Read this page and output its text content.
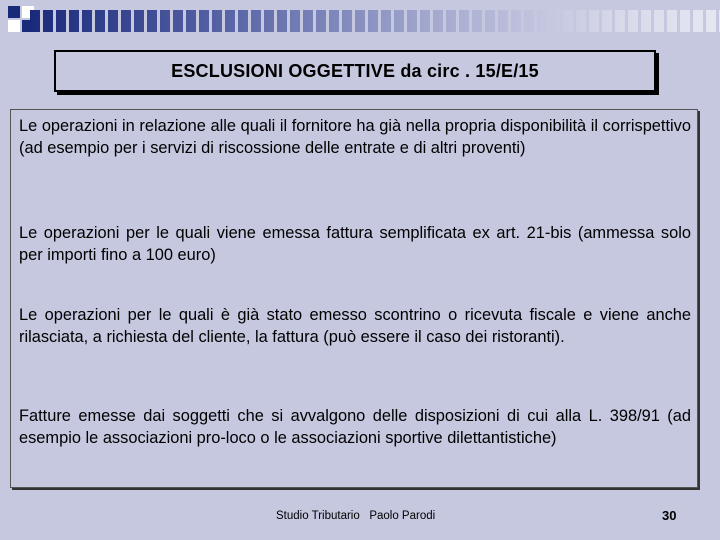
ESCLUSIONI OGGETTIVE da circ . 15/E/15

Le operazioni in relazione alle quali il fornitore ha già nella propria disponibilità il corrispettivo (ad esempio per i servizi di riscossione delle entrate e di altri proventi)

Le operazioni per le quali viene emessa fattura semplificata ex art. 21-bis (ammessa solo per importi fino a 100 euro)

Le operazioni per le quali è già stato emesso scontrino o ricevuta fiscale e viene anche rilasciata, a richiesta del cliente, la fattura (può essere il caso dei ristoranti).

Fatture emesse dai soggetti che si avvalgono delle disposizioni di cui alla L. 398/91 (ad esempio le associazioni pro-loco o le associazioni sportive dilettantistiche)

Studio Tributario   Paolo Parodi	30
